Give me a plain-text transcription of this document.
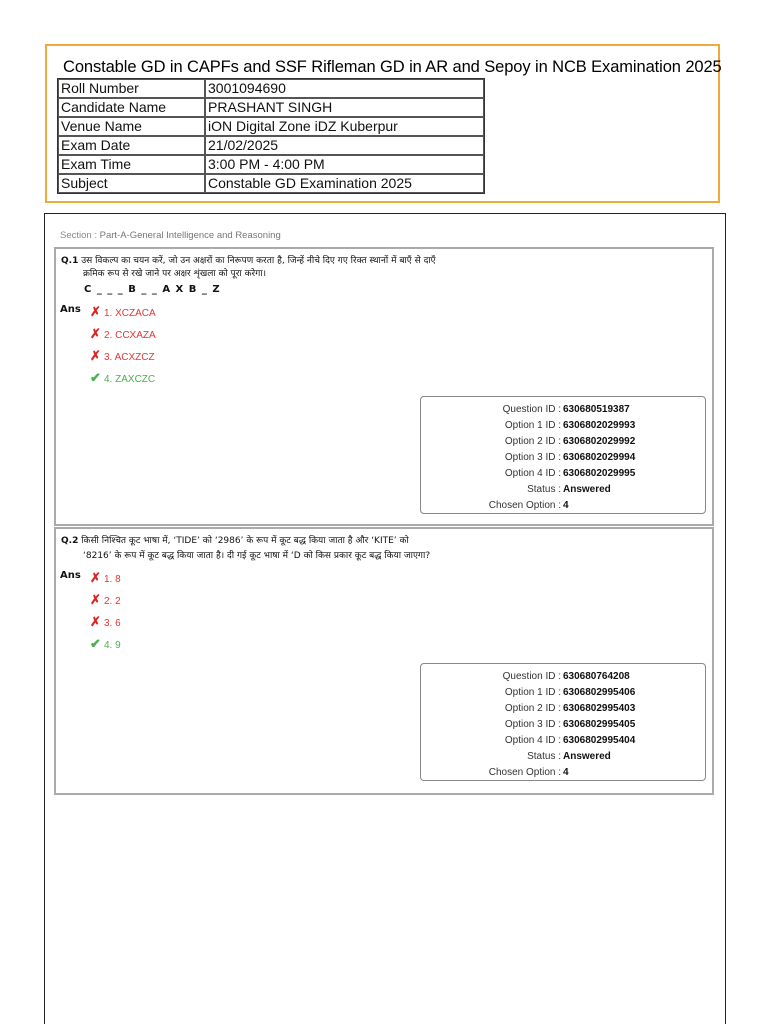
Constable GD in CAPFs and SSF Rifleman GD in AR and Sepoy in NCB Examination 2025
Roll Number	3001094690
Candidate Name	PRASHANT SINGH
Venue Name	iON Digital Zone iDZ Kuberpur
Exam Date	21/02/2025
Exam Time	3:00 PM - 4:00 PM
Subject	Constable GD Examination 2025
Section : Part-A-General Intelligence and Reasoning
Q.1 उस विकल्प का चयन करें, जो उन अक्षरों का निरूपण करता है, जिन्हें नीचे दिए गए रिक्त स्थानों में बाएँ से दाएँ
क्रमिक रूप से रखे जाने पर अक्षर शृंखला को पूरा करेगा।
C _ _ _ B _ _ A X B _ Z
Ans ✗ 1. XCZACA
✗ 2. CCXAZA
✗ 3. ACXZCZ
✔ 4. ZAXCZC
Question ID : 630680519387
Option 1 ID : 6306802029993
Option 2 ID : 6306802029992
Option 3 ID : 6306802029994
Option 4 ID : 6306802029995
Status : Answered
Chosen Option : 4
Q.2 किसी निश्चित कूट भाषा में, ‘TIDE’ को ‘2986’ के रूप में कूट बद्ध किया जाता है और ‘KITE’ को
‘8216’ के रूप में कूट बद्ध किया जाता है। दी गई कूट भाषा में ‘D को किस प्रकार कूट बद्ध किया जाएगा?
Ans ✗ 1. 8
✗ 2. 2
✗ 3. 6
✔ 4. 9
Question ID : 630680764208
Option 1 ID : 6306802995406
Option 2 ID : 6306802995403
Option 3 ID : 6306802995405
Option 4 ID : 6306802995404
Status : Answered
Chosen Option : 4
